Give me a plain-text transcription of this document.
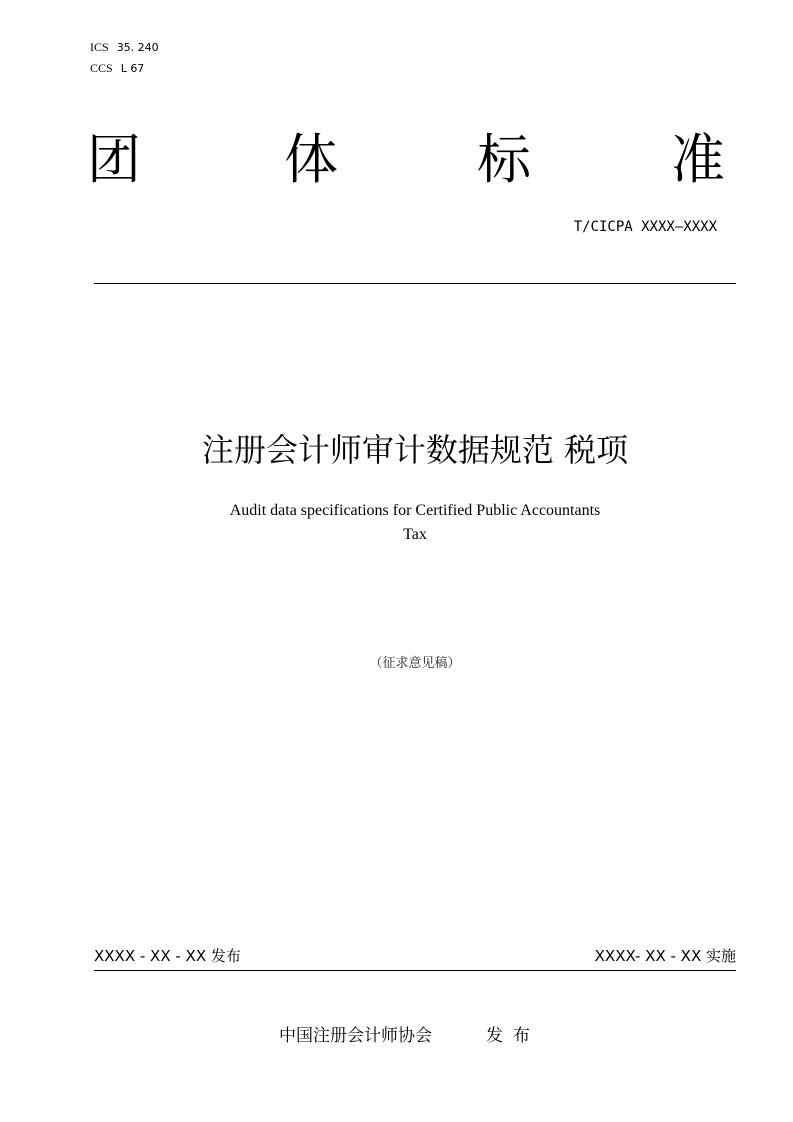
ICS 35. 240
CCS L 67
团	体	标	准
T/CICPA XXXX—XXXX
注册会计师审计数据规范 税项
Audit data specifications for Certified Public Accountants
Tax
（征求意见稿）
XXXX - XX - XX 发布	XXXX- XX - XX 实施
中国注册会计师协会	发布
